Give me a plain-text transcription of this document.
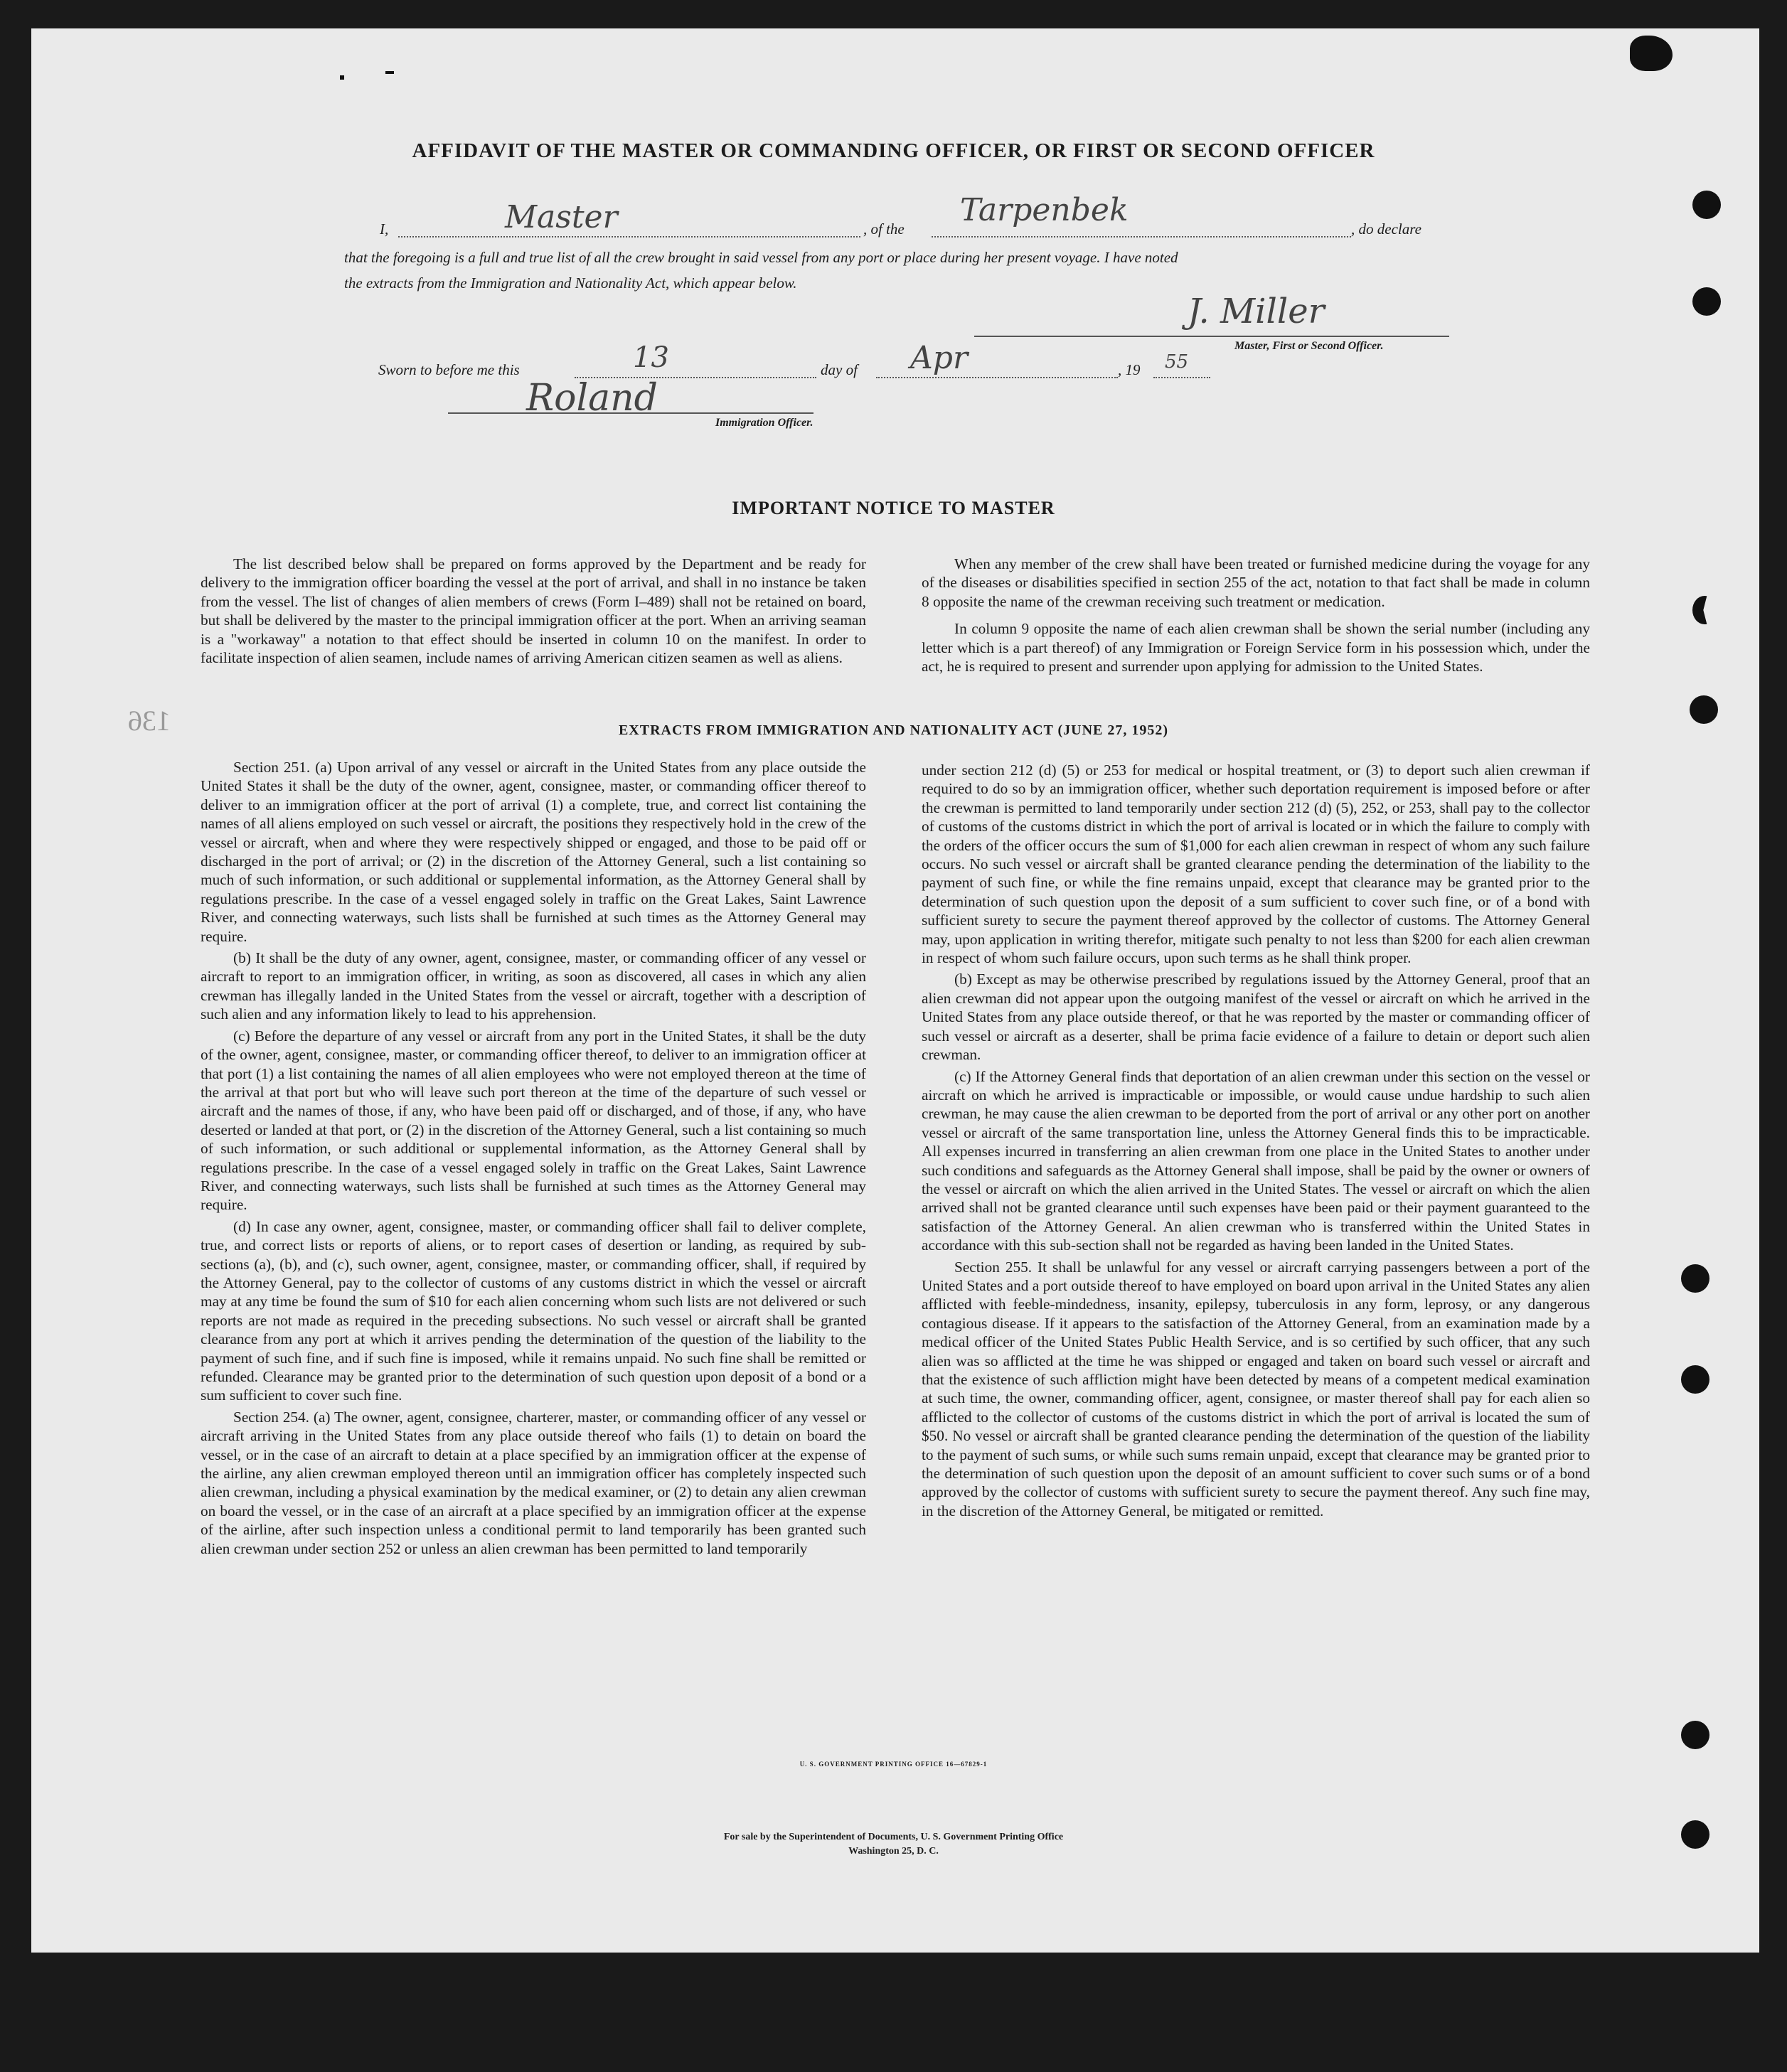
136
AFFIDAVIT OF THE MASTER OR COMMANDING OFFICER, OR FIRST OR SECOND OFFICER
I,	Master	, of the
Tarpenbek
, do declare
that the foregoing is a full and true list of all the crew brought in said vessel from any port or place during her present voyage. I have noted
the extracts from the Immigration and Nationality Act, which appear below.
J. Miller
Master, First or Second Officer.
Sworn to before me this	13	day of Apr	, 19 55
Roland
Immigration Officer.
IMPORTANT NOTICE TO MASTER

The list described below shall be prepared on forms approved by the Department and be ready for delivery to the immigration officer boarding the vessel at the port of arrival, and shall in no instance be taken from the vessel. The list of changes of alien members of crews (Form I–489) shall not be retained on board, but shall be delivered by the master to the principal immigration officer at the port. When an arriving seaman is a "workaway" a notation to that effect should be inserted in column 10 on the manifest. In order to facilitate inspection of alien seamen, include names of arriving American citizen seamen as well as aliens.

When any member of the crew shall have been treated or furnished medicine during the voyage for any of the diseases or disabilities specified in section 255 of the act, notation to that fact shall be made in column 8 opposite the name of the crewman receiving such treatment or medication.

In column 9 opposite the name of each alien crewman shall be shown the serial number (including any letter which is a part thereof) of any Immigration or Foreign Service form in his possession which, under the act, he is required to present and surrender upon applying for admission to the United States.

EXTRACTS FROM IMMIGRATION AND NATIONALITY ACT (JUNE 27, 1952)

Section 251. (a) Upon arrival of any vessel or aircraft in the United States from any place outside the United States it shall be the duty of the owner, agent, consignee, master, or commanding officer thereof to deliver to an immigration officer at the port of arrival (1) a complete, true, and correct list containing the names of all aliens employed on such vessel or aircraft, the positions they respectively hold in the crew of the vessel or aircraft, when and where they were respectively shipped or engaged, and those to be paid off or discharged in the port of arrival; or (2) in the discretion of the Attorney General, such a list containing so much of such information, or such additional or supplemental information, as the Attorney General shall by regulations prescribe. In the case of a vessel engaged solely in traffic on the Great Lakes, Saint Lawrence River, and connecting waterways, such lists shall be furnished at such times as the Attorney General may require.

(b) It shall be the duty of any owner, agent, consignee, master, or commanding officer of any vessel or aircraft to report to an immigration officer, in writing, as soon as discovered, all cases in which any alien crewman has illegally landed in the United States from the vessel or aircraft, together with a description of such alien and any information likely to lead to his apprehension.

(c) Before the departure of any vessel or aircraft from any port in the United States, it shall be the duty of the owner, agent, consignee, master, or commanding officer thereof, to deliver to an immigration officer at that port (1) a list containing the names of all alien employees who were not employed thereon at the time of the arrival at that port but who will leave such port thereon at the time of the departure of such vessel or aircraft and the names of those, if any, who have been paid off or discharged, and of those, if any, who have deserted or landed at that port, or (2) in the discretion of the Attorney General, such a list containing so much of such information, or such additional or supplemental information, as the Attorney General shall by regulations prescribe. In the case of a vessel engaged solely in traffic on the Great Lakes, Saint Lawrence River, and connecting waterways, such lists shall be furnished at such times as the Attorney General may require.

(d) In case any owner, agent, consignee, master, or commanding officer shall fail to deliver complete, true, and correct lists or reports of aliens, or to report cases of desertion or landing, as required by sub-sections (a), (b), and (c), such owner, agent, consignee, master, or commanding officer, shall, if required by the Attorney General, pay to the collector of customs of any customs district in which the vessel or aircraft may at any time be found the sum of $10 for each alien concerning whom such lists are not delivered or such reports are not made as required in the preceding subsections. No such vessel or aircraft shall be granted clearance from any port at which it arrives pending the determination of the question of the liability to the payment of such fine, and if such fine is imposed, while it remains unpaid. No such fine shall be remitted or refunded. Clearance may be granted prior to the determination of such question upon deposit of a bond or a sum sufficient to cover such fine.

Section 254. (a) The owner, agent, consignee, charterer, master, or commanding officer of any vessel or aircraft arriving in the United States from any place outside thereof who fails (1) to detain on board the vessel, or in the case of an aircraft to detain at a place specified by an immigration officer at the expense of the airline, any alien crewman employed thereon until an immigration officer has completely inspected such alien crewman, including a physical examination by the medical examiner, or (2) to detain any alien crewman on board the vessel, or in the case of an aircraft at a place specified by an immigration officer at the expense of the airline, after such inspection unless a conditional permit to land temporarily has been granted such alien crewman under section 252 or unless an alien crewman has been permitted to land temporarily

under section 212 (d) (5) or 253 for medical or hospital treatment, or (3) to deport such alien crewman if required to do so by an immigration officer, whether such deportation requirement is imposed before or after the crewman is permitted to land temporarily under section 212 (d) (5), 252, or 253, shall pay to the collector of customs of the customs district in which the port of arrival is located or in which the failure to comply with the orders of the officer occurs the sum of $1,000 for each alien crewman in respect of whom any such failure occurs. No such vessel or aircraft shall be granted clearance pending the determination of the liability to the payment of such fine, or while the fine remains unpaid, except that clearance may be granted prior to the determination of such question upon the deposit of a sum sufficient to cover such fine, or of a bond with sufficient surety to secure the payment thereof approved by the collector of customs. The Attorney General may, upon application in writing therefor, mitigate such penalty to not less than $200 for each alien crewman in respect of whom such failure occurs, upon such terms as he shall think proper.

(b) Except as may be otherwise prescribed by regulations issued by the Attorney General, proof that an alien crewman did not appear upon the outgoing manifest of the vessel or aircraft on which he arrived in the United States from any place outside thereof, or that he was reported by the master or commanding officer of such vessel or aircraft as a deserter, shall be prima facie evidence of a failure to detain or deport such alien crewman.

(c) If the Attorney General finds that deportation of an alien crewman under this section on the vessel or aircraft on which he arrived is impracticable or impossible, or would cause undue hardship to such alien crewman, he may cause the alien crewman to be deported from the port of arrival or any other port on another vessel or aircraft of the same transportation line, unless the Attorney General finds this to be impracticable. All expenses incurred in transferring an alien crewman from one place in the United States to another under such conditions and safeguards as the Attorney General shall impose, shall be paid by the owner or owners of the vessel or aircraft on which the alien arrived in the United States. The vessel or aircraft on which the alien arrived shall not be granted clearance until such expenses have been paid or their payment guaranteed to the satisfaction of the Attorney General. An alien crewman who is transferred within the United States in accordance with this sub-section shall not be regarded as having been landed in the United States.

Section 255. It shall be unlawful for any vessel or aircraft carrying passengers between a port of the United States and a port outside thereof to have employed on board upon arrival in the United States any alien afflicted with feeble-mindedness, insanity, epilepsy, tuberculosis in any form, leprosy, or any dangerous contagious disease. If it appears to the satisfaction of the Attorney General, from an examination made by a medical officer of the United States Public Health Service, and is so certified by such officer, that any such alien was so afflicted at the time he was shipped or engaged and taken on board such vessel or aircraft and that the existence of such affliction might have been detected by means of a competent medical examination at such time, the owner, commanding officer, agent, consignee, or master thereof shall pay for each alien so afflicted to the collector of customs of the customs district in which the port of arrival is located the sum of $50. No vessel or aircraft shall be granted clearance pending the determination of the question of the liability to the payment of such sums, or while such sums remain unpaid, except that clearance may be granted prior to the determination of such question upon the deposit of an amount sufficient to cover such sums or of a bond approved by the collector of customs with sufficient surety to secure the payment thereof. Any such fine may, in the discretion of the Attorney General, be mitigated or remitted.

U. S. GOVERNMENT PRINTING OFFICE 16—67829-1
For sale by the Superintendent of Documents, U. S. Government Printing Office
Washington 25, D. C.
